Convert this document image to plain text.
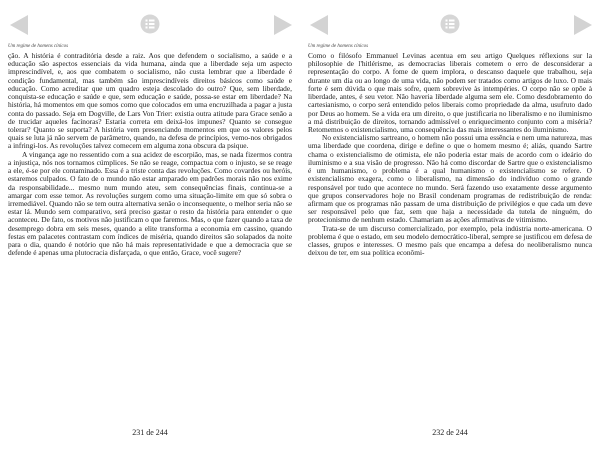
Um regime de homens cínicos

ção. A história é contraditória desde a raiz. Aos que defendem o socialismo, a saúde e a educação são aspectos essenciais da vida humana, ainda que a liberdade seja um aspecto imprescindível, e, aos que combatem o socialismo, não custa lembrar que a liberdade é condição fundamental, mas também são imprescindíveis direitos básicos como saúde e educação. Como acreditar que um quadro esteja descolado do outro? Que, sem liberdade, conquista-se educação e saúde e que, sem educação e saúde, possa-se estar em liberdade? Na história, há momentos em que somos como que colocados em uma encruzilhada a pagar a justa conta do passado. Seja em Dogville, de Lars Von Trier: existia outra atitude para Grace senão a de trucidar aqueles facínoras? Estaria correta em deixá-los impunes? Quanto se consegue tolerar? Quanto se suporta? A história vem presenciando momentos em que os valores pelos quais se luta já não servem de parâmetro, quando, na defesa de princípios, vemo-nos obrigados a infringi-los. As revoluções talvez comecem em alguma zona obscura da psique.

A vingança age no ressentido com a sua acidez de escorpião, mas, se nada fizermos contra a injustiça, nós nos tornamos cúmplices. Se não se reage, compactua com o injusto, se se reage a ele, é-se por ele contaminado. Essa é a triste conta das revoluções. Como covardes ou heróis, estaremos culpados. O fato de o mundo não estar amparado em padrões morais não nos exime da responsabilidade... mesmo num mundo ateu, sem consequências finais, continua-se a amargar com esse temor. As revoluções surgem como uma situação-limite em que só sobra o irremediável. Quando não se tem outra alternativa senão o inconsequente, o melhor seria não se estar lá. Mundo sem comparativo, será preciso gastar o resto da história para entender o que aconteceu. De fato, os motivos não justificam o que faremos. Mas, o que fazer quando a taxa de desemprego dobra em seis meses, quando a elite transforma a economia em cassino, quando festas em palacetes contrastam com índices de miséria, quando direitos são solapados da noite para o dia, quando é notório que não há mais representatividade e que a democracia que se defende é apenas uma plutocracia disfarçada, o que então, Grace, você sugere?

231 de 244
Um regime de homens cínicos

Como o filósofo Emmanuel Levinas acentua em seu artigo Quelques réflexions sur la philosophie de l'hitlérisme, as democracias liberais cometem o erro de desconsiderar a representação do corpo. A fome de quem implora, o descanso daquele que trabalhou, seja durante um dia ou ao longo de uma vida, não podem ser tratados como artigos de luxo. O mais forte é sem dúvida o que mais sofre, quem sobrevive às intempéries. O corpo não se opõe à liberdade, antes, é seu vetor. Não haveria liberdade alguma sem ele. Como desdobramento do cartesianismo, o corpo será entendido pelos liberais como propriedade da alma, usufruto dado por Deus ao homem. Se a vida era um direito, o que justificaria no liberalismo e no iluminismo a má distribuição de direitos, tornando admissível o enriquecimento conjunto com a miséria? Retomemos o existencialismo, uma consequência das mais interessantes do iluminismo.

No existencialismo sartreano, o homem não possui uma essência e nem uma natureza, mas uma liberdade que coordena, dirige e define o que o homem mesmo é; aliás, quando Sartre chama o existencialismo de otimista, ele não poderia estar mais de acordo com o ideário do iluminismo e a sua visão de progresso. Não há como discordar de Sartre que o existencialismo é um humanismo, o problema é a qual humanismo o existencialismo se refere. O existencialismo exagera, como o liberalismo, na dimensão do indivíduo como o grande responsável por tudo que acontece no mundo. Será fazendo uso exatamente desse argumento que grupos conservadores hoje no Brasil condenam programas de redistribuição de renda: afirmam que os programas não passam de uma distribuição de privilégios e que cada um deve ser responsável pelo que faz, sem que haja a necessidade da tutela de ninguém, do protecionismo de nenhum estado. Chamariam as ações afirmativas de vitimismo.

Trata-se de um discurso comercializado, por exemplo, pela indústria norte-americana. O problema é que o estado, em seu modelo democrático-liberal, sempre se justificou em defesa de classes, grupos e interesses. O mesmo país que encampa a defesa do neoliberalismo nunca deixou de ter, em sua política econômi-

232 de 244
